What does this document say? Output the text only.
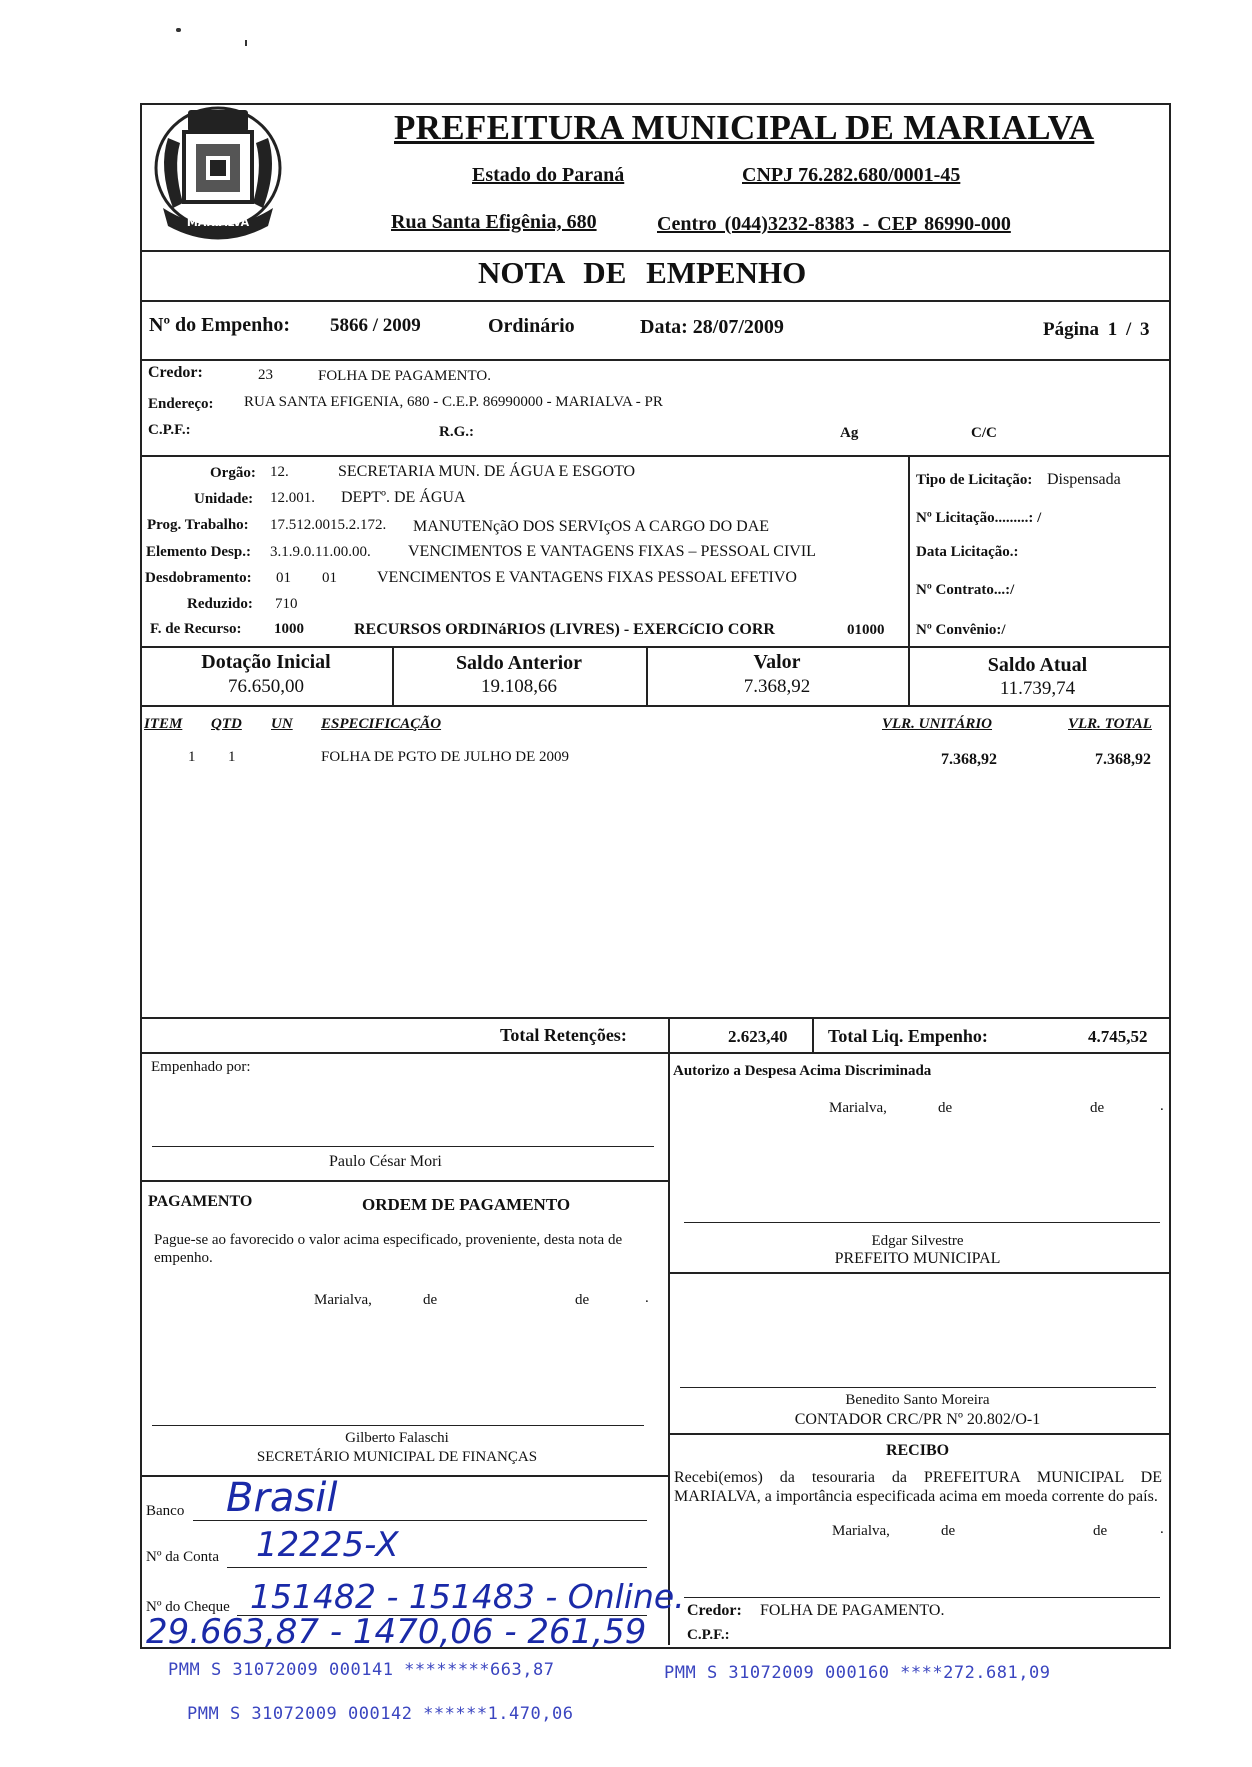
MARIALVA
PREFEITURA MUNICIPAL DE MARIALVA
Estado do Paraná	CNPJ 76.282.680/0001-45
Rua Santa Efigênia, 680	Centro (044)3232-8383 - CEP 86990-000
NOTA DE EMPENHO
Nº do Empenho: 5866 / 2009	Ordinário	Data: 28/07/2009	Página 1 / 3
Credor:	23	FOLHA DE PAGAMENTO.
Endereço: RUA SANTA EFIGENIA, 680 - C.E.P. 86990000 - MARIALVA - PR
C.P.F.:	R.G.:	Ag	C/C
Orgão: 12.	SECRETARIA MUN. DE ÁGUA E ESGOTO
Unidade: 12.001. DEPTº. DE ÁGUA
Prog. Trabalho: 17.512.0015.2.172. MANUTENçãO DOS SERVIçOS A CARGO DO DAE
Elemento Desp.: 3.1.9.0.11.00.00. VENCIMENTOS E VANTAGENS FIXAS – PESSOAL CIVIL
Desdobramento: 01 01	VENCIMENTOS E VANTAGENS FIXAS PESSOAL EFETIVO
Reduzido: 710
F. de Recurso: 1000	RECURSOS ORDINáRIOS (LIVRES) - EXERCíCIO CORR	01000
Tipo de Licitação: Dispensada
Nº Licitação.........: /
Data Licitação.:
Nº Contrato...:/
Nº Convênio:/
Dotação Inicial
76.650,00
Saldo Anterior
19.108,66
Valor
7.368,92
Saldo Atual
11.739,74
ITEM QTD UN ESPECIFICAÇÃO	VLR. UNITÁRIO	VLR. TOTAL
1 1	FOLHA DE PGTO DE JULHO DE 2009	7.368,92	7.368,92
Total Retenções:	2.623,40 Total Liq. Empenho:	4.745,52
Empenhado por:
Paulo César Mori
PAGAMENTO	ORDEM DE PAGAMENTO
Pague-se ao favorecido o valor acima especificado, proveniente, desta nota de empenho.
Marialva,	de	de	.
Gilberto Falaschi
SECRETÁRIO MUNICIPAL DE FINANÇAS
Banco Brasil
Nº da Conta 12225-X
Nº do Cheque 151482 - 151483 - Online.
29.663,87 - 1470,06 - 261,59
Autorizo a Despesa Acima Discriminada
Marialva,	de	de	.
Edgar Silvestre
PREFEITO MUNICIPAL
Benedito Santo Moreira
CONTADOR CRC/PR Nº 20.802/O-1
RECIBO
Recebi(emos) da tesouraria da PREFEITURA MUNICIPAL DE MARIALVA, a importância especificada acima em moeda corrente do país.
Marialva,	de	de	.
Credor: FOLHA DE PAGAMENTO.
C.P.F.:
PMM S 31072009 000141 ********663,87	PMM S 31072009 000160 ****272.681,09
PMM S 31072009 000142 ******1.470,06
